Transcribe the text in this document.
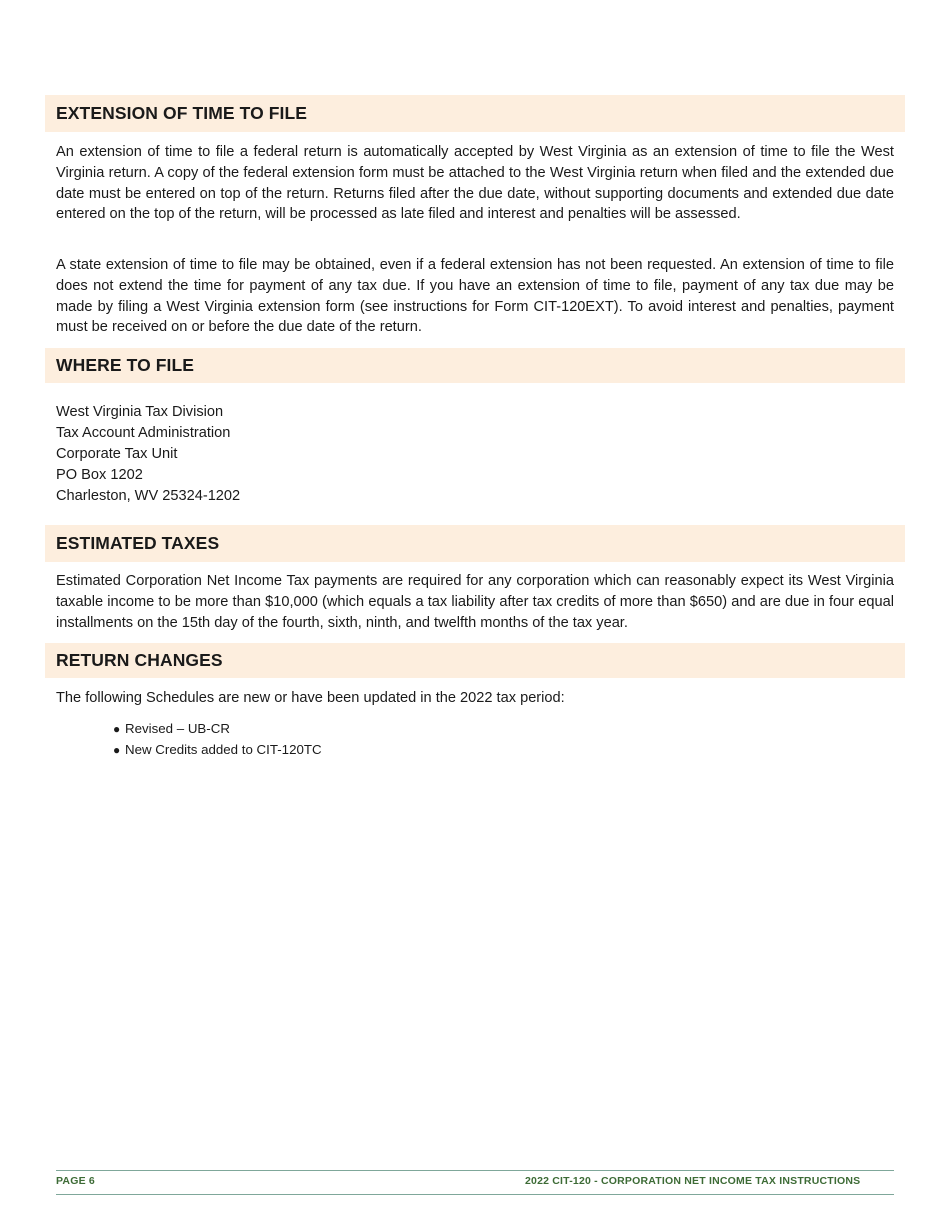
EXTENSION OF TIME TO FILE

An extension of time to file a federal return is automatically accepted by West Virginia as an extension of time to file the West Virginia return. A copy of the federal extension form must be attached to the West Virginia return when filed and the extended due date must be entered on top of the return. Returns filed after the due date, without supporting documents and extended due date entered on the top of the return, will be processed as late filed and interest and penalties will be assessed.

A state extension of time to file may be obtained, even if a federal extension has not been requested. An extension of time to file does not extend the time for payment of any tax due. If you have an extension of time to file, payment of any tax due may be made by filing a West Virginia extension form (see instructions for Form CIT-120EXT). To avoid interest and penalties, payment must be received on or before the due date of the return.

WHERE TO FILE
West Virginia Tax Division
Tax Account Administration
Corporate Tax Unit
PO Box 1202
Charleston, WV 25324-1202
ESTIMATED TAXES

Estimated Corporation Net Income Tax payments are required for any corporation which can reasonably expect its West Virginia taxable income to be more than $10,000 (which equals a tax liability after tax credits of more than $650) and are due in four equal installments on the 15th day of the fourth, sixth, ninth, and twelfth months of the tax year.

RETURN CHANGES

The following Schedules are new or have been updated in the 2022 tax period:

● Revised – UB-CR
● New Credits added to CIT-120TC
PAGE 6	2022 CIT-120 - CORPORATION NET INCOME TAX INSTRUCTIONS
